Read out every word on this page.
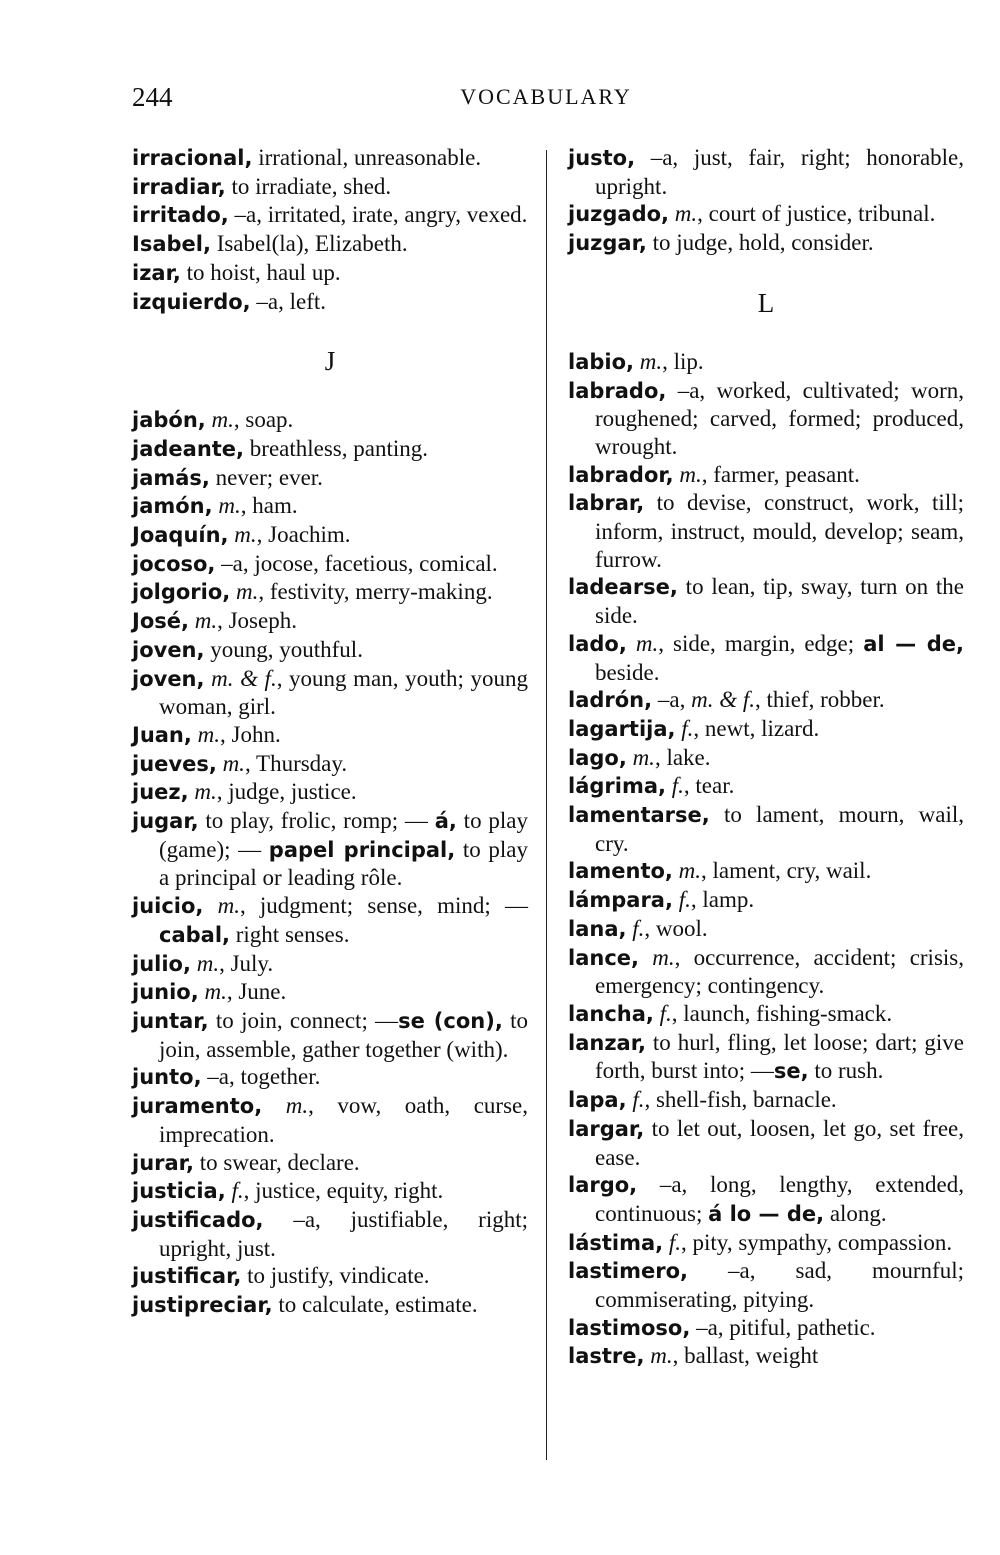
244	VOCABULARY

irracional, irrational, unreasonable.

irradiar, to irradiate, shed.

irritado, –a, irritated, irate, angry, vexed.

Isabel, Isabel(la), Elizabeth.

izar, to hoist, haul up.

izquierdo, –a, left.

J

jabón, m., soap.

jadeante, breathless, panting.

jamás, never; ever.

jamón, m., ham.

Joaquín, m., Joachim.

jocoso, –a, jocose, facetious, comical.

jolgorio, m., festivity, merry-making.

José, m., Joseph.

joven, young, youthful.

joven, m. & f., young man, youth; young woman, girl.

Juan, m., John.

jueves, m., Thursday.

juez, m., judge, justice.

jugar, to play, frolic, romp; — á, to play (game); — papel principal, to play a principal or leading rôle.

juicio, m., judgment; sense, mind; — cabal, right senses.

julio, m., July.

junio, m., June.

juntar, to join, connect; —se (con), to join, assemble, gather together (with).

junto, –a, together.

juramento, m., vow, oath, curse, imprecation.

jurar, to swear, declare.

justicia, f., justice, equity, right.

justificado, –a, justifiable, right; upright, just.

justificar, to justify, vindicate.

justipreciar, to calculate, estimate.

justo, –a, just, fair, right; honorable, upright.

juzgado, m., court of justice, tribunal.

juzgar, to judge, hold, consider.

L

labio, m., lip.

labrado, –a, worked, cultivated; worn, roughened; carved, formed; produced, wrought.

labrador, m., farmer, peasant.

labrar, to devise, construct, work, till; inform, instruct, mould, develop; seam, furrow.

ladearse, to lean, tip, sway, turn on the side.

lado, m., side, margin, edge; al — de, beside.

ladrón, –a, m. & f., thief, robber.

lagartija, f., newt, lizard.

lago, m., lake.

lágrima, f., tear.

lamentarse, to lament, mourn, wail, cry.

lamento, m., lament, cry, wail.

lámpara, f., lamp.

lana, f., wool.

lance, m., occurrence, accident; crisis, emergency; contingency.

lancha, f., launch, fishing-smack.

lanzar, to hurl, fling, let loose; dart; give forth, burst into; —se, to rush.

lapa, f., shell-fish, barnacle.

largar, to let out, loosen, let go, set free, ease.

largo, –a, long, lengthy, extended, continuous; á lo — de, along.

lástima, f., pity, sympathy, compassion.

lastimero, –a, sad, mournful; commiserating, pitying.

lastimoso, –a, pitiful, pathetic.

lastre, m., ballast, weight
